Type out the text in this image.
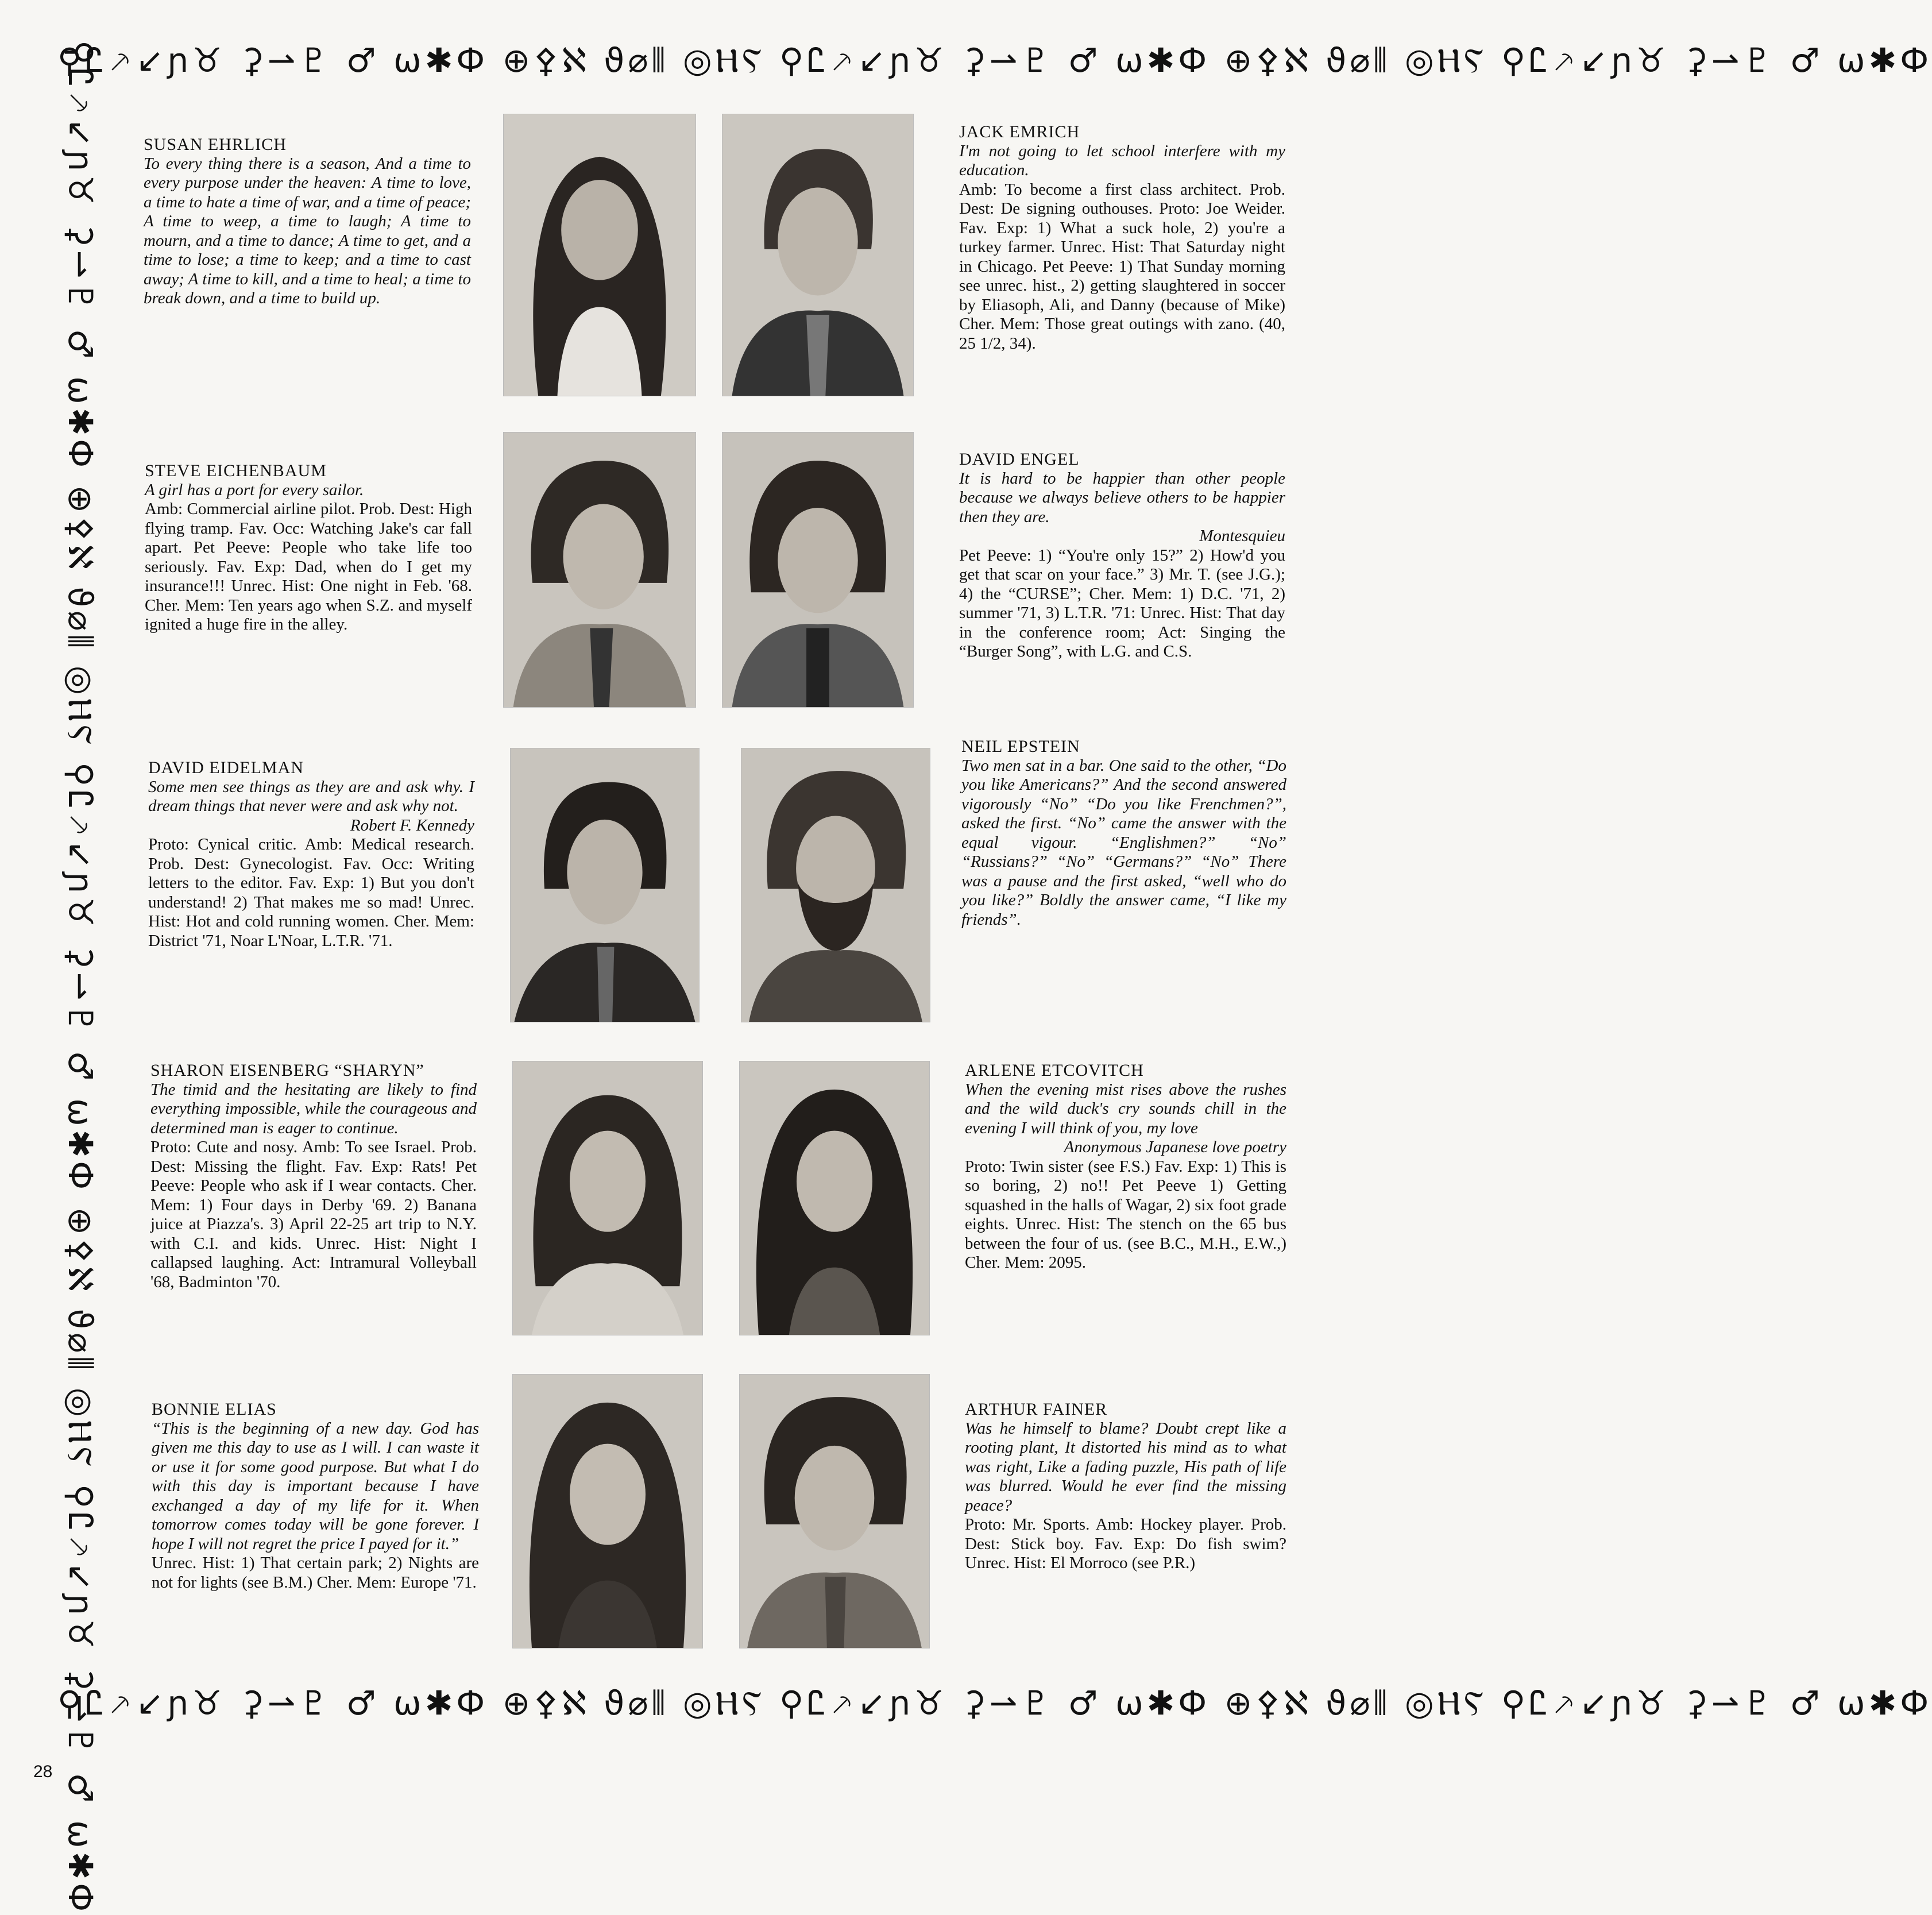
⚲Ꮭ⸕↙ɲ♉ ⚳⇀♇ ♂ ω✱Ф ⊕⚴ℵ ϑ⌀⫴ ◎ⲎⲊ ⚲Ꮭ⸕↙ɲ♉ ⚳⇀♇ ♂ ω✱Ф ⊕⚴ℵ ϑ⌀⫴ ◎ⲎⲊ ⚲Ꮭ⸕↙ɲ♉ ⚳⇀♇ ♂ ω✱Ф
⚲Ꮭ⸕↙ɲ♉ ⚳⇀♇ ♂ ω✱Ф ⊕⚴ℵ ϑ⌀⫴ ◎ⲎⲊ ⚲Ꮭ⸕↙ɲ♉ ⚳⇀♇ ♂ ω✱Ф ⊕⚴ℵ ϑ⌀⫴ ◎ⲎⲊ ⚲Ꮭ⸕↙ɲ♉ ⚳⇀♇ ♂ ω✱Ф
⚲Ꮭ⸕↙ɲ♉ ⚳⇀♇ ♂ ω✱Ф ⊕⚴ℵ ϑ⌀⫴ ◎ⲎⲊ ⚲Ꮭ⸕↙ɲ♉ ⚳⇀♇ ♂ ω✱Ф ⊕⚴ℵ ϑ⌀⫴ ◎ⲎⲊ ⚲Ꮭ⸕↙ɲ♉ ⚳⇀♇ ♂ ω✱Ф	SUSAN EHRLICH
To every thing there is a season, And a time to every purpose under the heaven: A time to love, a time to hate a time of war, and a time of peace; A time to weep, a time to laugh; A time to mourn, and a time to dance; A time to get, and a time to lose; a time to keep; and a time to cast away; A time to kill, and a time to heal; a time to break down, and a time to build up.
JACK EMRICH
I'm not going to let school interfere with my education.
Amb: To become a first class architect. Prob. Dest: De signing outhouses. Proto: Joe Weider. Fav. Exp: 1) What a suck hole, 2) you're a turkey farmer. Unrec. Hist: That Saturday night in Chicago. Pet Peeve: 1) That Sunday morning see unrec. hist., 2) getting slaughtered in soccer by Eliasoph, Ali, and Danny (because of Mike) Cher. Mem: Those great outings with zano. (40, 25 1/2, 34).
STEVE EICHENBAUM
A girl has a port for every sailor.
Amb: Commercial airline pilot. Prob. Dest: High flying tramp. Fav. Occ: Watching Jake's car fall apart. Pet Peeve: People who take life too seriously. Fav. Exp: Dad, when do I get my insurance!!! Unrec. Hist: One night in Feb. '68. Cher. Mem: Ten years ago when S.Z. and myself ignited a huge fire in the alley.
DAVID ENGEL
It is hard to be happier than other people because we always believe others to be happier then they are.
Montesquieu
Pet Peeve: 1) “You're only 15?” 2) How'd you get that scar on your face.” 3) Mr. T. (see J.G.); 4) the “CURSE”; Cher. Mem: 1) D.C. '71, 2) summer '71, 3) L.T.R. '71: Unrec. Hist: That day in the conference room; Act: Singing the “Burger Song”, with L.G. and C.S.
DAVID EIDELMAN
Some men see things as they are and ask why. I dream things that never were and ask why not.
Robert F. Kennedy
Proto: Cynical critic. Amb: Medical research. Prob. Dest: Gynecologist. Fav. Occ: Writing letters to the editor. Fav. Exp: 1) But you don't understand! 2) That makes me so mad! Unrec. Hist: Hot and cold running women. Cher. Mem: District '71, Noar L'Noar, L.T.R. '71.
NEIL EPSTEIN
Two men sat in a bar. One said to the other, “Do you like Americans?” And the second answered vigorously “No” “Do you like Frenchmen?”, asked the first. “No” came the answer with the equal vigour. “Englishmen?” “No” “Russians?” “No” “Germans?” “No” There was a pause and the first asked, “well who do you like?” Boldly the answer came, “I like my friends”.
SHARON EISENBERG “SHARYN”
The timid and the hesitating are likely to find everything impossible, while the courageous and determined man is eager to continue.
Proto: Cute and nosy. Amb: To see Israel. Prob. Dest: Missing the flight. Fav. Exp: Rats! Pet Peeve: People who ask if I wear contacts. Cher. Mem: 1) Four days in Derby '69. 2) Banana juice at Piazza's. 3) April 22-25 art trip to N.Y. with C.I. and kids. Unrec. Hist: Night I callapsed laughing. Act: Intramural Volleyball '68, Badminton '70.
ARLENE ETCOVITCH
When the evening mist rises above the rushes and the wild duck's cry sounds chill in the evening I will think of you, my love
Anonymous Japanese love poetry
Proto: Twin sister (see F.S.) Fav. Exp: 1) This is so boring, 2) no!! Pet Peeve 1) Getting squashed in the halls of Wagar, 2) six foot grade eights. Unrec. Hist: The stench on the 65 bus between the four of us. (see B.C., M.H., E.W.,) Cher. Mem: 2095.
BONNIE ELIAS
“This is the beginning of a new day. God has given me this day to use as I will. I can waste it or use it for some good purpose. But what I do with this day is important because I have exchanged a day of my life for it. When tomorrow comes today will be gone forever. I hope I will not regret the price I payed for it.”
Unrec. Hist: 1) That certain park; 2) Nights are not for lights (see B.M.) Cher. Mem: Europe '71.
ARTHUR FAINER
Was he himself to blame? Doubt crept like a rooting plant, It distorted his mind as to what was right, Like a fading puzzle, His path of life was blurred. Would he ever find the missing peace?
Proto: Mr. Sports. Amb: Hockey player. Prob. Dest: Stick boy. Fav. Exp: Do fish swim? Unrec. Hist: El Morroco (see P.R.)
28
